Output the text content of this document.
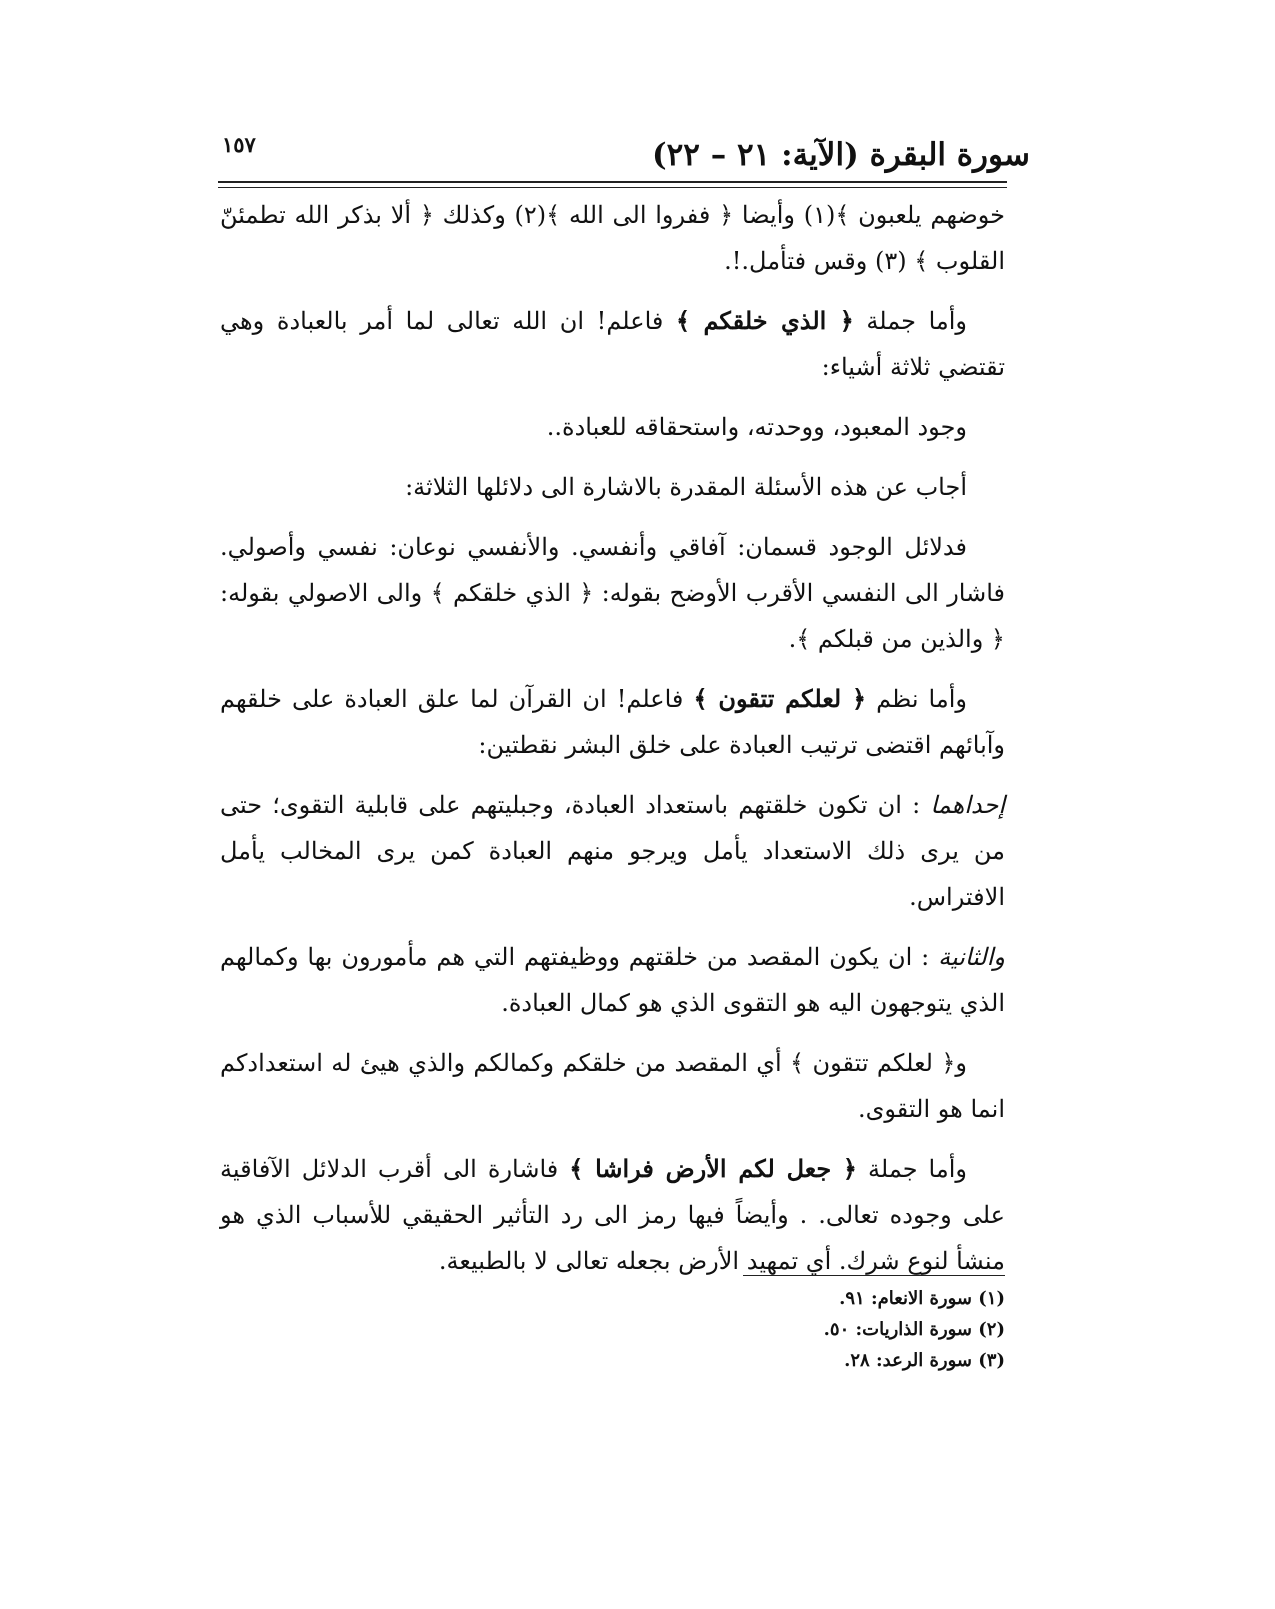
١٥٧	سورة البقرة (الآية: ٢١ – ٢٢)

خوضهم يلعبون ﴾(١) وأيضا ﴿ ففروا الى الله ﴾(٢) وكذلك ﴿ ألا بذكر الله تطمئنّ القلوب ﴾ (٣) وقس فتأمل.!.

وأما جملة ﴿ الذي خلقكم ﴾ فاعلم! ان الله تعالى لما أمر بالعبادة وهي تقتضي ثلاثة أشياء:

وجود المعبود، ووحدته، واستحقاقه للعبادة..

أجاب عن هذه الأسئلة المقدرة بالاشارة الى دلائلها الثلاثة:

فدلائل الوجود قسمان: آفاقي وأنفسي. والأنفسي نوعان: نفسي وأصولي. فاشار الى النفسي الأقرب الأوضح بقوله: ﴿ الذي خلقكم ﴾ والى الاصولي بقوله: ﴿ والذين من قبلكم ﴾.

وأما نظم ﴿ لعلكم تتقون ﴾ فاعلم! ان القرآن لما علق العبادة على خلقهم وآبائهم اقتضى ترتيب العبادة على خلق البشر نقطتين:

إحداهما : ان تكون خلقتهم باستعداد العبادة، وجبليتهم على قابلية التقوى؛ حتى من يرى ذلك الاستعداد يأمل ويرجو منهم العبادة كمن يرى المخالب يأمل الافتراس.

والثانية : ان يكون المقصد من خلقتهم ووظيفتهم التي هم مأمورون بها وكمالهم الذي يتوجهون اليه هو التقوى الذي هو كمال العبادة.

و﴿ لعلكم تتقون ﴾ أي المقصد من خلقكم وكمالكم والذي هيئ له استعدادكم انما هو التقوى.

وأما جملة ﴿ جعل لكم الأرض فراشا ﴾ فاشارة الى أقرب الدلائل الآفاقية على وجوده تعالى. . وأيضاً فيها رمز الى رد التأثير الحقيقي للأسباب الذي هو منشأ لنوع شرك. أي تمهيد الأرض بجعله تعالى لا بالطبيعة.

(١) سورة الانعام: ٩١.

(٢) سورة الذاريات: ٥٠.

(٣) سورة الرعد: ٢٨.
